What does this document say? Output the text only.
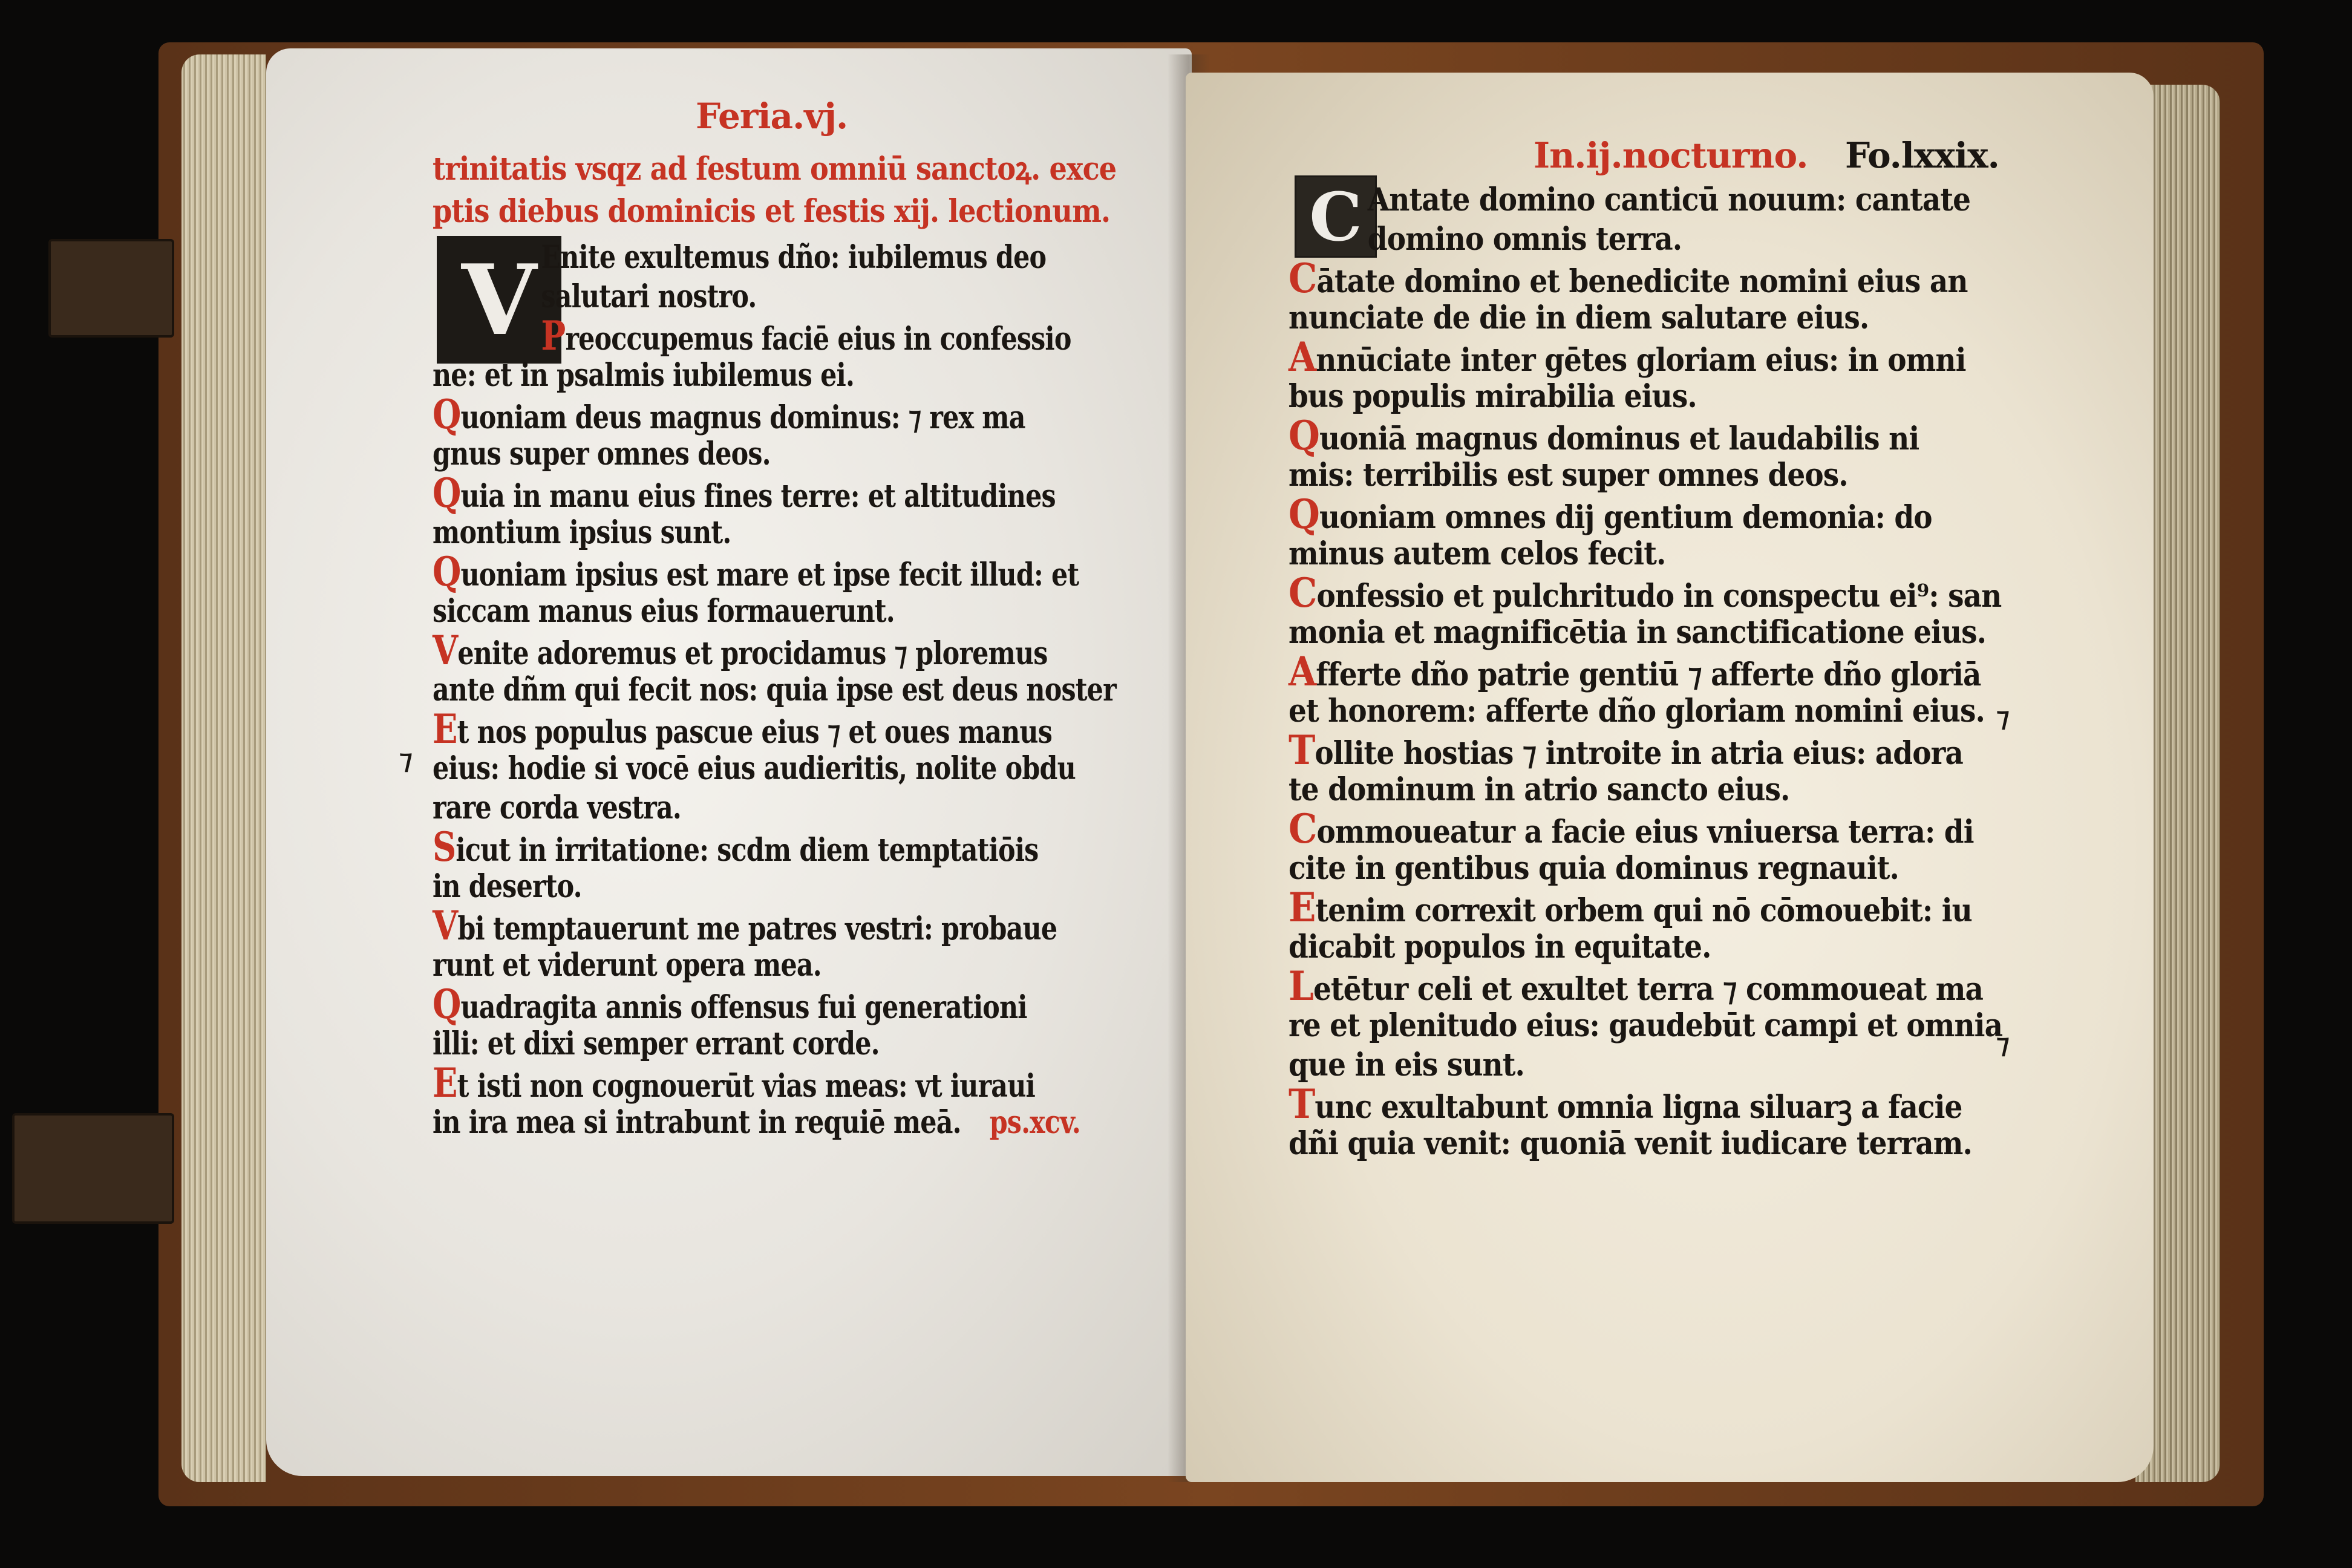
Feria.vj.
trinitatis vsqz ad festum omniū sanctoꝝ. exce
ptis diebus dominicis et festis xij. lectionum.
V Enite exultemus dño: iubilemus deo
salutari nostro.
Preoccupemus faciē eius in confessio
ne: et in psalmis iubilemus ei.
Quoniam deus magnus dominus: ⁊ rex ma
gnus super omnes deos.
Quia in manu eius fines terre: et altitudines
montium ipsius sunt.
Quoniam ipsius est mare et ipse fecit illud: et
siccam manus eius formauerunt.
Venite adoremus et procidamus ⁊ ploremus
ante dñm qui fecit nos: quia ipse est deus noster
Et nos populus pascue eius ⁊ et oues manus
eius: hodie si vocē eius audieritis, nolite obdu
rare corda vestra.
Sicut in irritatione: scdm diem temptatiōis
in deserto.
Vbi temptauerunt me patres vestri: probaue
runt et viderunt opera mea.
Quadragita annis offensus fui generationi
illi: et dixi semper errant corde.
Et isti non cognouerūt vias meas: vt iuraui
in ira mea si intrabunt in requiē meā. ps.xcv.
⁊
In.ij.nocturno. Fo.lxxix.
C Antate domino canticū nouum: cantate
domino omnis terra.
Cātate domino et benedicite nomini eius an
nunciate de die in diem salutare eius.
Annūciate inter gētes gloriam eius: in omni
bus populis mirabilia eius.
Quoniā magnus dominus et laudabilis ni
mis: terribilis est super omnes deos.
Quoniam omnes dij gentium demonia: do
minus autem celos fecit.
Confessio et pulchritudo in conspectu ei⁹: san
monia et magnificētia in sanctificatione eius.
Afferte dño patrie gentiū ⁊ afferte dño gloriā
et honorem: afferte dño gloriam nomini eius.
Tollite hostias ⁊ introite in atria eius: adora
te dominum in atrio sancto eius.
Commoueatur a facie eius vniuersa terra: di
cite in gentibus quia dominus regnauit.
Etenim correxit orbem qui nō cōmouebit: iu
dicabit populos in equitate.
Letētur celi et exultet terra ⁊ commoueat ma
re et plenitudo eius: gaudebūt campi et omnia
que in eis sunt.
Tunc exultabunt omnia ligna siluarꝫ a facie
dñi quia venit: quoniā venit iudicare terram.
⁊
⁊
